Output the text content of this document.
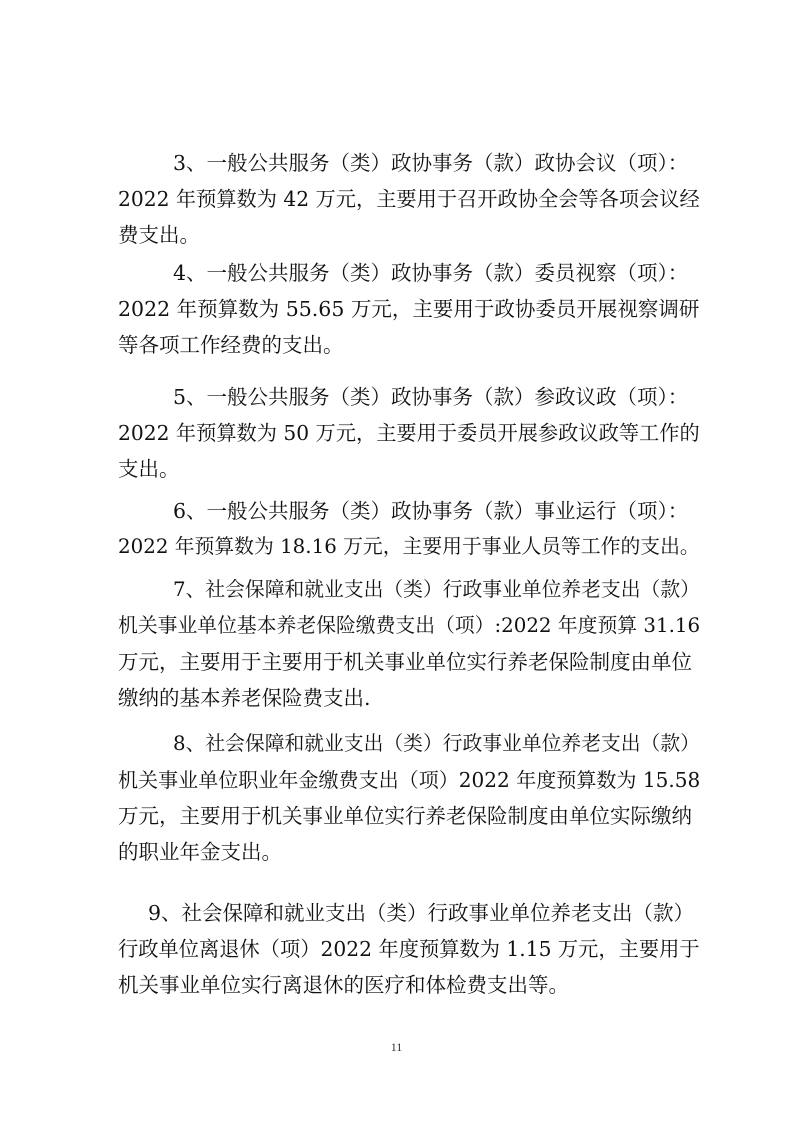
3、一般公共服务（类）政协事务（款）政协会议（项）：
2022 年预算数为 42 万元，主要用于召开政协全会等各项会议经
费支出。
4、一般公共服务（类）政协事务（款）委员视察（项）：
2022 年预算数为 55.65 万元，主要用于政协委员开展视察调研
等各项工作经费的支出。
5、一般公共服务（类）政协事务（款）参政议政（项）：
2022 年预算数为 50 万元，主要用于委员开展参政议政等工作的
支出。
6、一般公共服务（类）政协事务（款）事业运行（项）：
2022 年预算数为 18.16 万元，主要用于事业人员等工作的支出。
7、社会保障和就业支出（类）行政事业单位养老支出（款）
机关事业单位基本养老保险缴费支出（项）:2022 年度预算 31.16
万元，主要用于主要用于机关事业单位实行养老保险制度由单位
缴纳的基本养老保险费支出.
8、社会保障和就业支出（类）行政事业单位养老支出（款）
机关事业单位职业年金缴费支出（项）2022 年度预算数为 15.58
万元，主要用于机关事业单位实行养老保险制度由单位实际缴纳
的职业年金支出。
9、社会保障和就业支出（类）行政事业单位养老支出（款）
行政单位离退休（项）2022 年度预算数为 1.15 万元，主要用于
机关事业单位实行离退休的医疗和体检费支出等。
11
